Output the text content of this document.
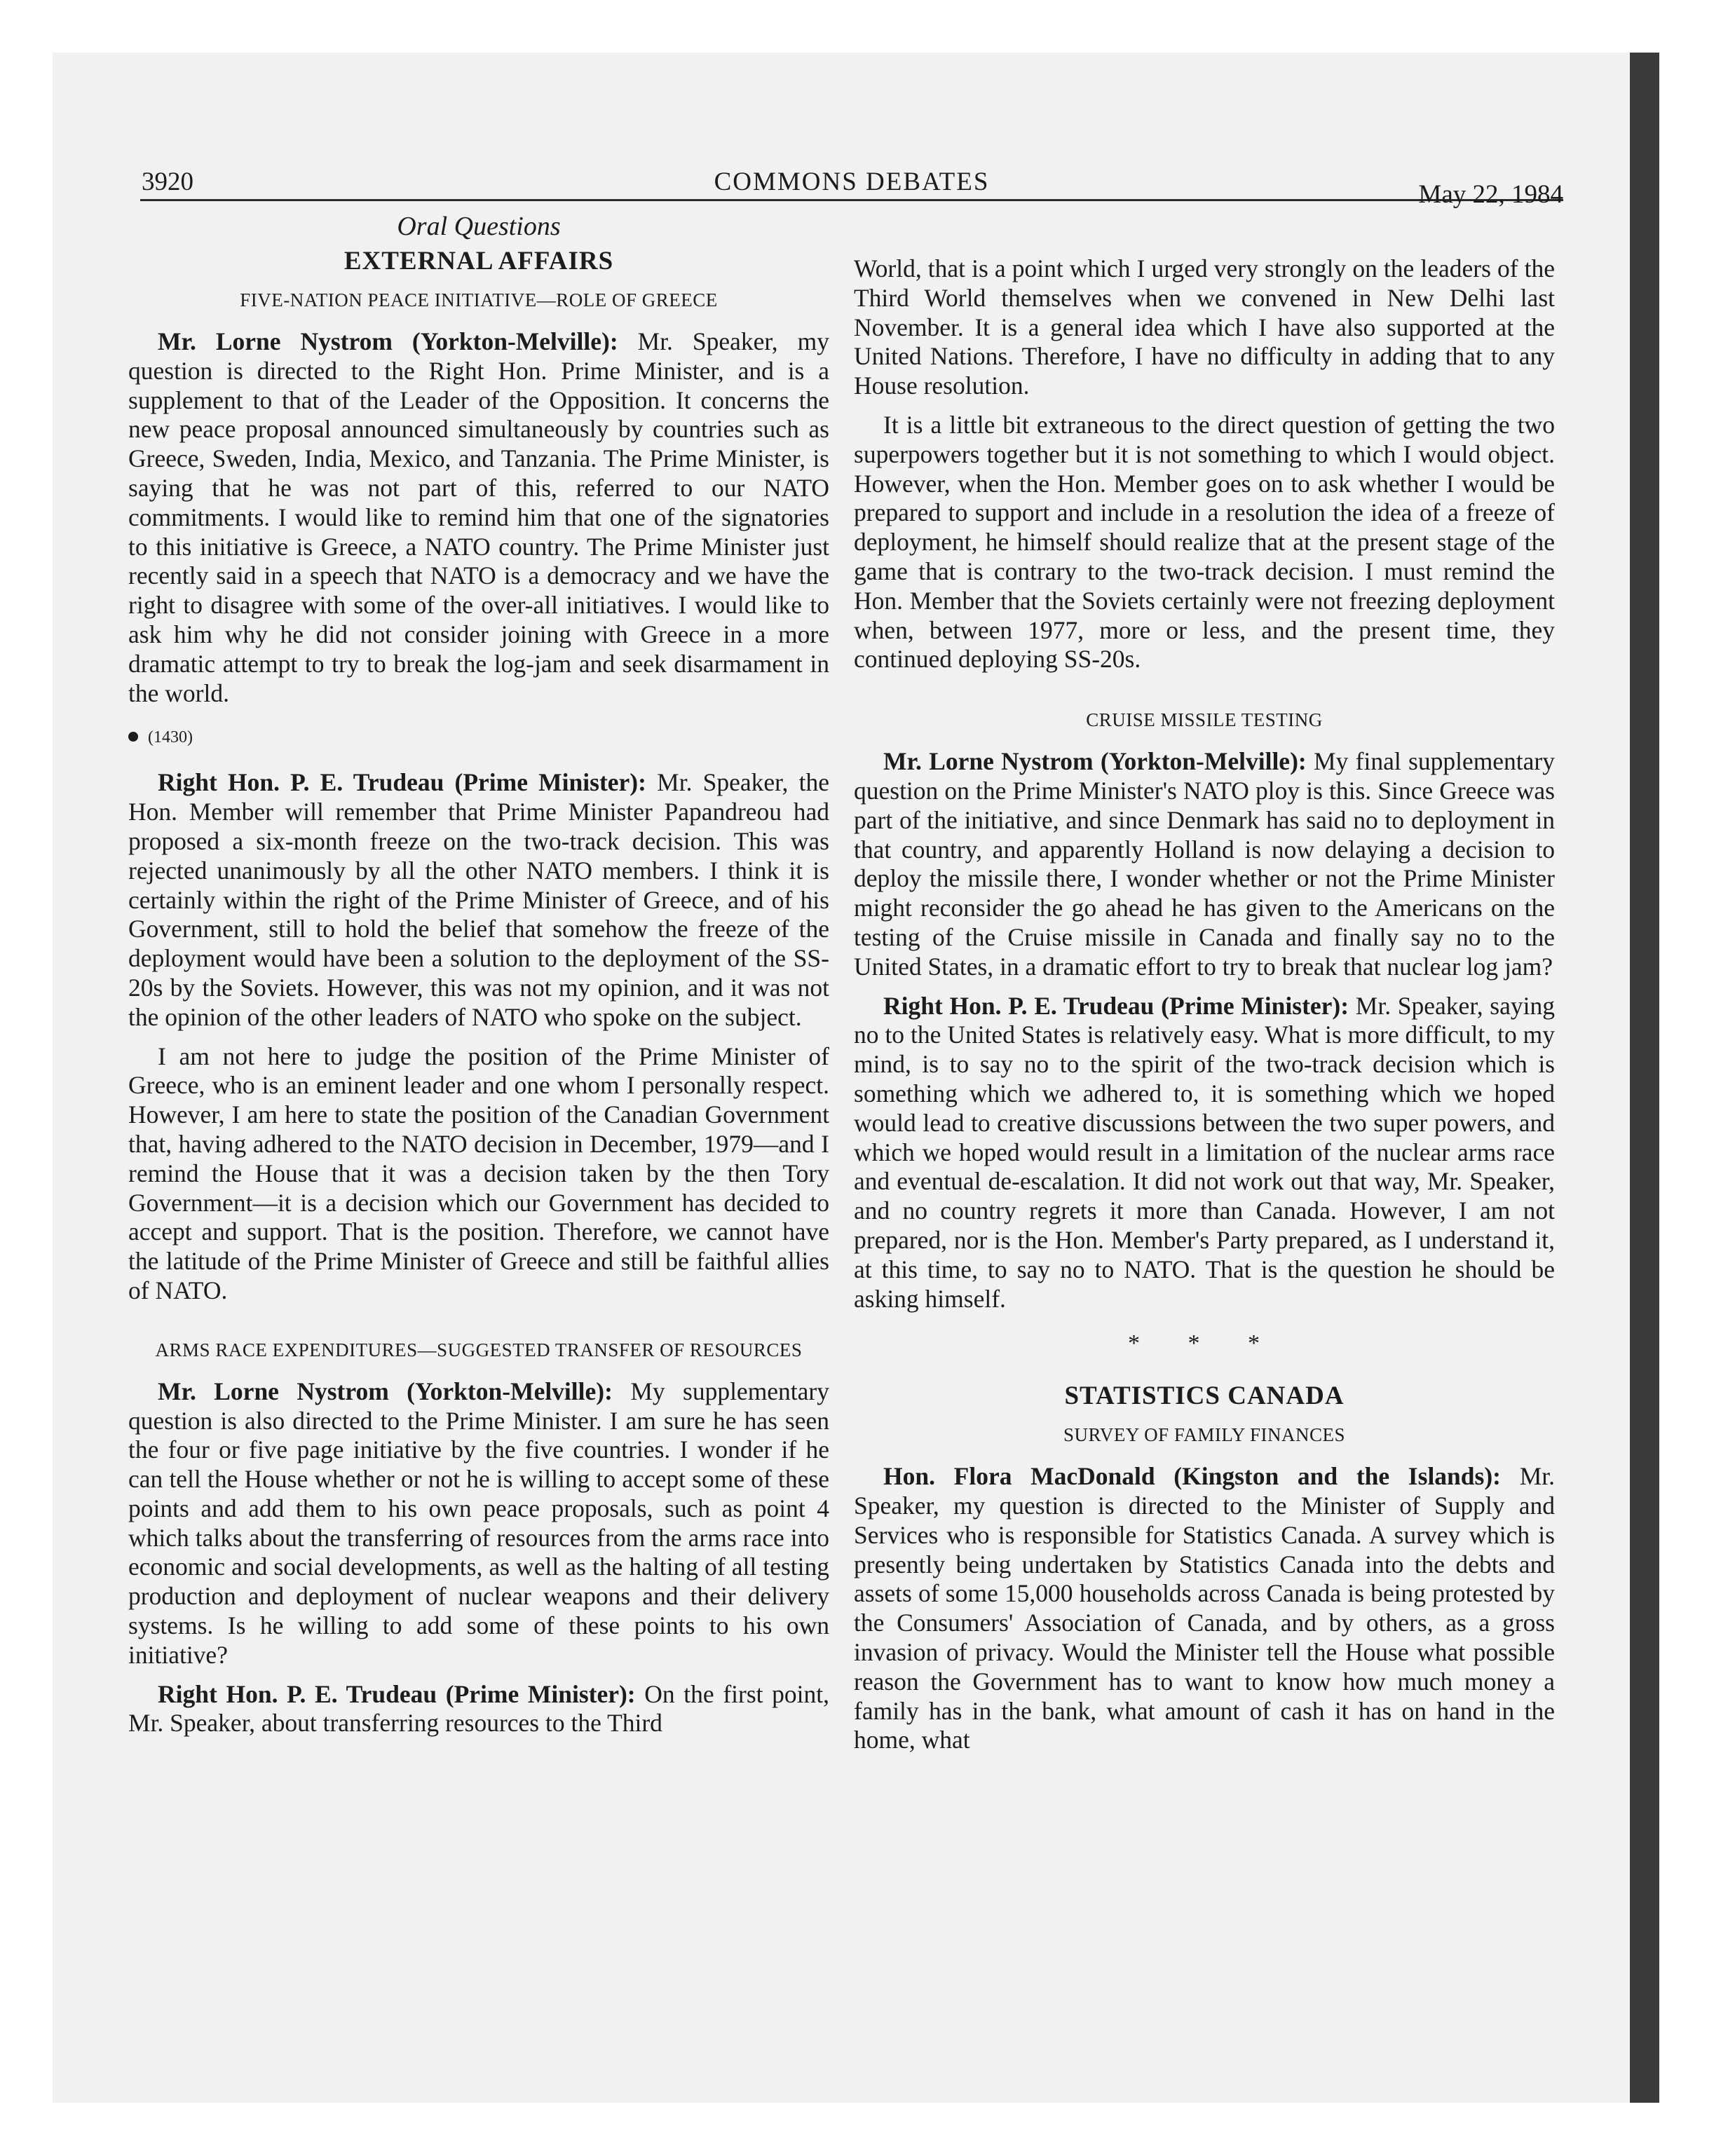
3920	COMMONS DEBATES	May 22, 1984
Oral Questions
EXTERNAL AFFAIRS
FIVE-NATION PEACE INITIATIVE—ROLE OF GREECE

Mr. Lorne Nystrom (Yorkton-Melville): Mr. Speaker, my question is directed to the Right Hon. Prime Minister, and is a supplement to that of the Leader of the Opposition. It concerns the new peace proposal announced simultaneously by countries such as Greece, Sweden, India, Mexico, and Tanzania. The Prime Minister, is saying that he was not part of this, referred to our NATO commitments. I would like to remind him that one of the signatories to this initiative is Greece, a NATO country. The Prime Minister just recently said in a speech that NATO is a democracy and we have the right to disagree with some of the over-all initiatives. I would like to ask him why he did not consider joining with Greece in a more dramatic attempt to try to break the log-jam and seek disarmament in the world.

(1430)

Right Hon. P. E. Trudeau (Prime Minister): Mr. Speaker, the Hon. Member will remember that Prime Minister Papandreou had proposed a six-month freeze on the two-track decision. This was rejected unanimously by all the other NATO members. I think it is certainly within the right of the Prime Minister of Greece, and of his Government, still to hold the belief that somehow the freeze of the deployment would have been a solution to the deployment of the SS-20s by the Soviets. However, this was not my opinion, and it was not the opinion of the other leaders of NATO who spoke on the subject.

I am not here to judge the position of the Prime Minister of Greece, who is an eminent leader and one whom I personally respect. However, I am here to state the position of the Canadian Government that, having adhered to the NATO decision in December, 1979—and I remind the House that it was a decision taken by the then Tory Government—it is a decision which our Government has decided to accept and support. That is the position. Therefore, we cannot have the latitude of the Prime Minister of Greece and still be faithful allies of NATO.

ARMS RACE EXPENDITURES—SUGGESTED TRANSFER OF RESOURCES

Mr. Lorne Nystrom (Yorkton-Melville): My supplementary question is also directed to the Prime Minister. I am sure he has seen the four or five page initiative by the five countries. I wonder if he can tell the House whether or not he is willing to accept some of these points and add them to his own peace proposals, such as point 4 which talks about the transferring of resources from the arms race into economic and social developments, as well as the halting of all testing production and deployment of nuclear weapons and their delivery systems. Is he willing to add some of these points to his own initiative?

Right Hon. P. E. Trudeau (Prime Minister): On the first point, Mr. Speaker, about transferring resources to the Third

World, that is a point which I urged very strongly on the leaders of the Third World themselves when we convened in New Delhi last November. It is a general idea which I have also supported at the United Nations. Therefore, I have no difficulty in adding that to any House resolution.

It is a little bit extraneous to the direct question of getting the two superpowers together but it is not something to which I would object. However, when the Hon. Member goes on to ask whether I would be prepared to support and include in a resolution the idea of a freeze of deployment, he himself should realize that at the present stage of the game that is contrary to the two-track decision. I must remind the Hon. Member that the Soviets certainly were not freezing deployment when, between 1977, more or less, and the present time, they continued deploying SS-20s.

CRUISE MISSILE TESTING

Mr. Lorne Nystrom (Yorkton-Melville): My final supplementary question on the Prime Minister's NATO ploy is this. Since Greece was part of the initiative, and since Denmark has said no to deployment in that country, and apparently Holland is now delaying a decision to deploy the missile there, I wonder whether or not the Prime Minister might reconsider the go ahead he has given to the Americans on the testing of the Cruise missile in Canada and finally say no to the United States, in a dramatic effort to try to break that nuclear log jam?

Right Hon. P. E. Trudeau (Prime Minister): Mr. Speaker, saying no to the United States is relatively easy. What is more difficult, to my mind, is to say no to the spirit of the two-track decision which is something which we adhered to, it is something which we hoped would lead to creative discussions between the two super powers, and which we hoped would result in a limitation of the nuclear arms race and eventual de-escalation. It did not work out that way, Mr. Speaker, and no country regrets it more than Canada. However, I am not prepared, nor is the Hon. Member's Party prepared, as I understand it, at this time, to say no to NATO. That is the question he should be asking himself.

* * *
STATISTICS CANADA
SURVEY OF FAMILY FINANCES

Hon. Flora MacDonald (Kingston and the Islands): Mr. Speaker, my question is directed to the Minister of Supply and Services who is responsible for Statistics Canada. A survey which is presently being undertaken by Statistics Canada into the debts and assets of some 15,000 households across Canada is being protested by the Consumers' Association of Canada, and by others, as a gross invasion of privacy. Would the Minister tell the House what possible reason the Government has to want to know how much money a family has in the bank, what amount of cash it has on hand in the home, what
